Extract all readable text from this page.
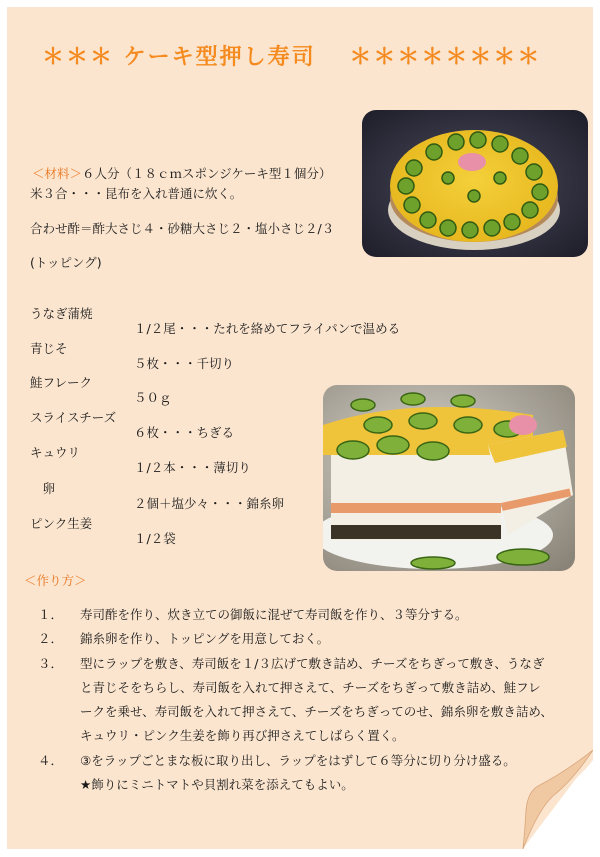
＊＊＊ ケーキ型押し寿司 　＊＊＊＊＊＊＊＊

＜材料＞６人分（１８ｃｍスポンジケーキ型１個分）

米３合・・・昆布を入れ普通に炊く。
合わせ酢＝酢大さじ４・砂糖大さじ２・塩小さじ２/３
(トッピング)

うなぎ蒲焼

１/２尾・・・たれを絡めてフライパンで温める

青じそ

５枚・・・千切り

鮭フレーク

５０ｇ

スライスチーズ

６枚・・・ちぎる

キュウリ

１/２本・・・薄切り

　卵

２個＋塩少々・・・錦糸卵

ピンク生姜

１/２袋

＜作り方＞
１． 寿司酢を作り、炊き立ての御飯に混ぜて寿司飯を作り、３等分する。
２． 錦糸卵を作り、トッピングを用意しておく。
３． 型にラップを敷き、寿司飯を１/３広げて敷き詰め、チーズをちぎって敷き、うなぎ
と青じそをちらし、寿司飯を入れて押さえて、チーズをちぎって敷き詰め、鮭フレ
ークを乗せ、寿司飯を入れて押さえて、チーズをちぎってのせ、錦糸卵を敷き詰め、
キュウリ・ピンク生姜を飾り再び押さえてしばらく置く。
４． ③をラップごとまな板に取り出し、ラップをはずして６等分に切り分け盛る。
★飾りにミニトマトや貝割れ菜を添えてもよい。
